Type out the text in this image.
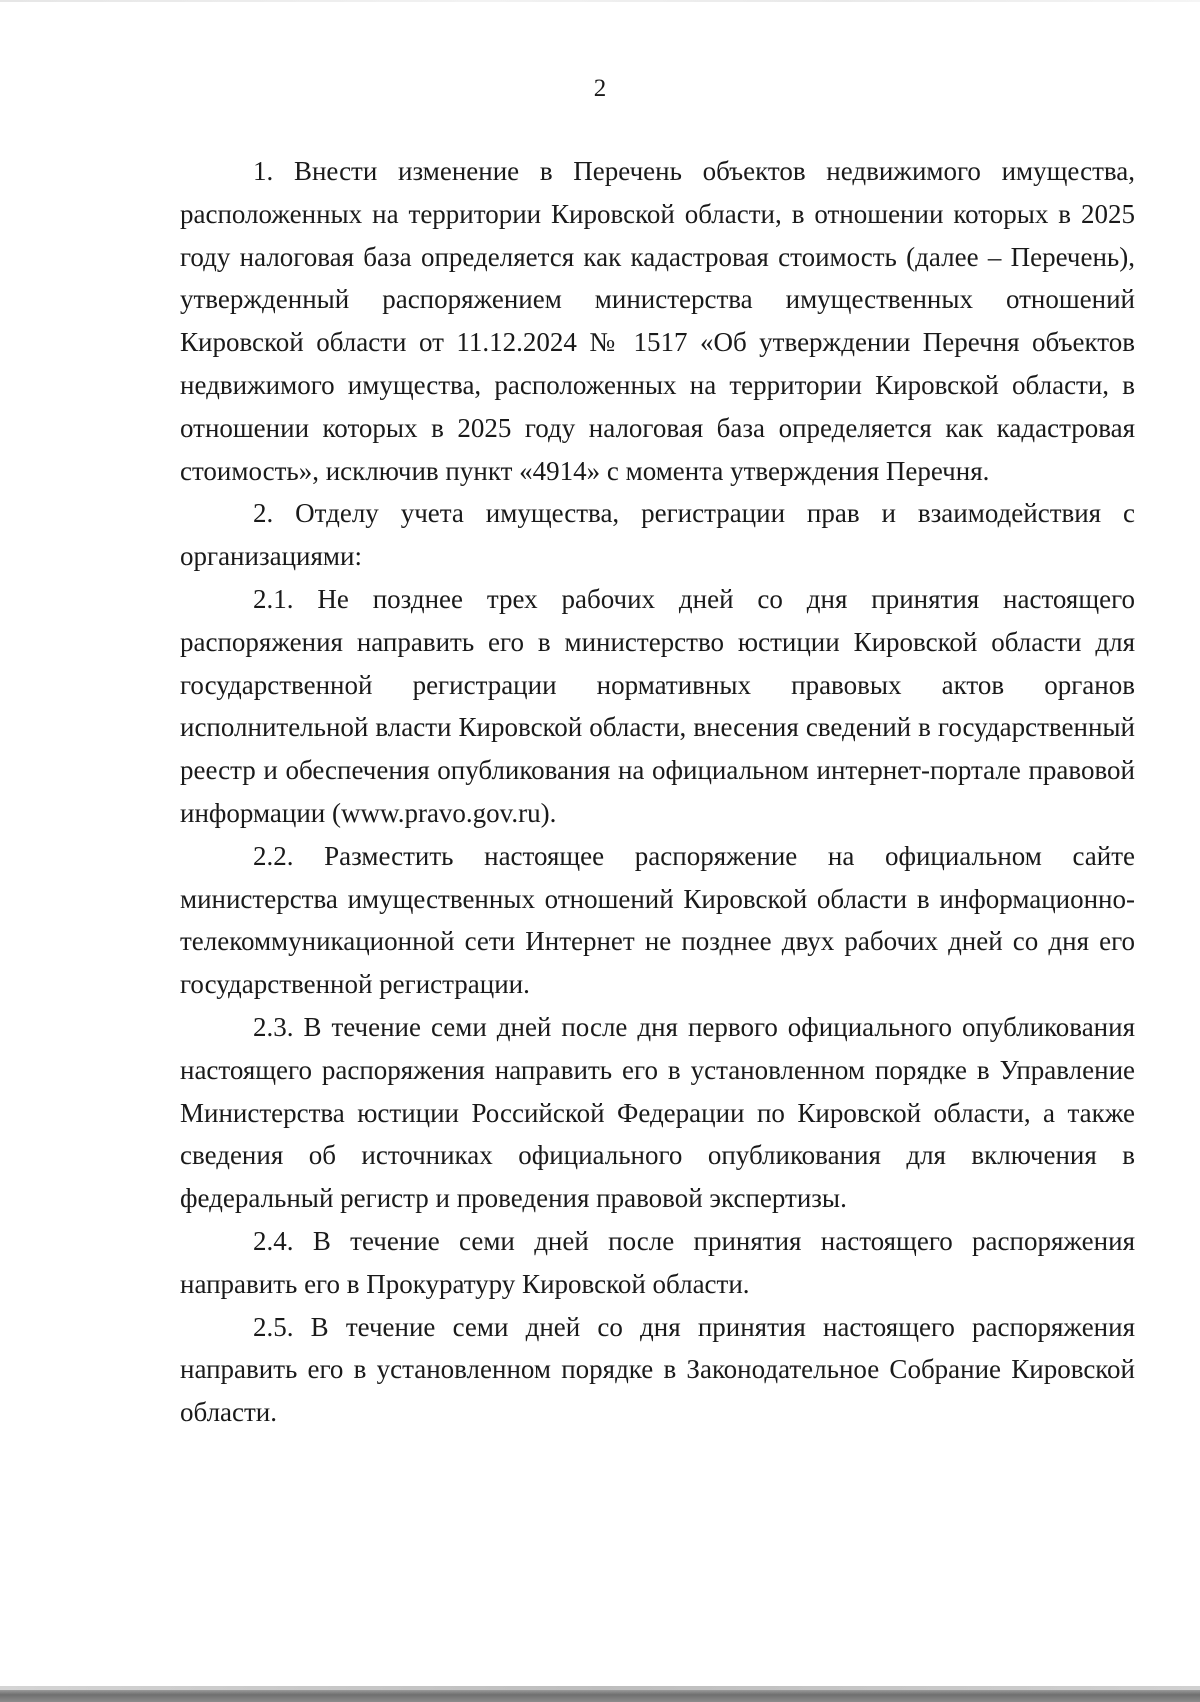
2

1. Внести изменение в Перечень объектов недвижимого имущества, расположенных на территории Кировской области, в отношении которых в 2025 году налоговая база определяется как кадастровая стоимость (далее – Перечень), утвержденный распоряжением министерства имущественных отношений Кировской области от 11.12.2024 № 1517 «Об утверждении Перечня объектов недвижимого имущества, расположенных на территории Кировской области, в отношении которых в 2025 году налоговая база определяется как кадастровая стоимость», исключив пункт «4914» с момента утверждения Перечня.

2. Отделу учета имущества, регистрации прав и взаимодействия с организациями:

2.1. Не позднее трех рабочих дней со дня принятия настоящего распоряжения направить его в министерство юстиции Кировской области для государственной регистрации нормативных правовых актов органов исполнительной власти Кировской области, внесения сведений в государственный реестр и обеспечения опубликования на официальном интернет-портале правовой информации (www.pravo.gov.ru).

2.2. Разместить настоящее распоряжение на официальном сайте министерства имущественных отношений Кировской области в информационно-телекоммуникационной сети Интернет не позднее двух рабочих дней со дня его государственной регистрации.

2.3. В течение семи дней после дня первого официального опубликования настоящего распоряжения направить его в установленном порядке в Управление Министерства юстиции Российской Федерации по Кировской области, а также сведения об источниках официального опубликования для включения в федеральный регистр и проведения правовой экспертизы.

2.4. В течение семи дней после принятия настоящего распоряжения направить его в Прокуратуру Кировской области.

2.5. В течение семи дней со дня принятия настоящего распоряжения направить его в установленном порядке в Законодательное Собрание Кировской области.
